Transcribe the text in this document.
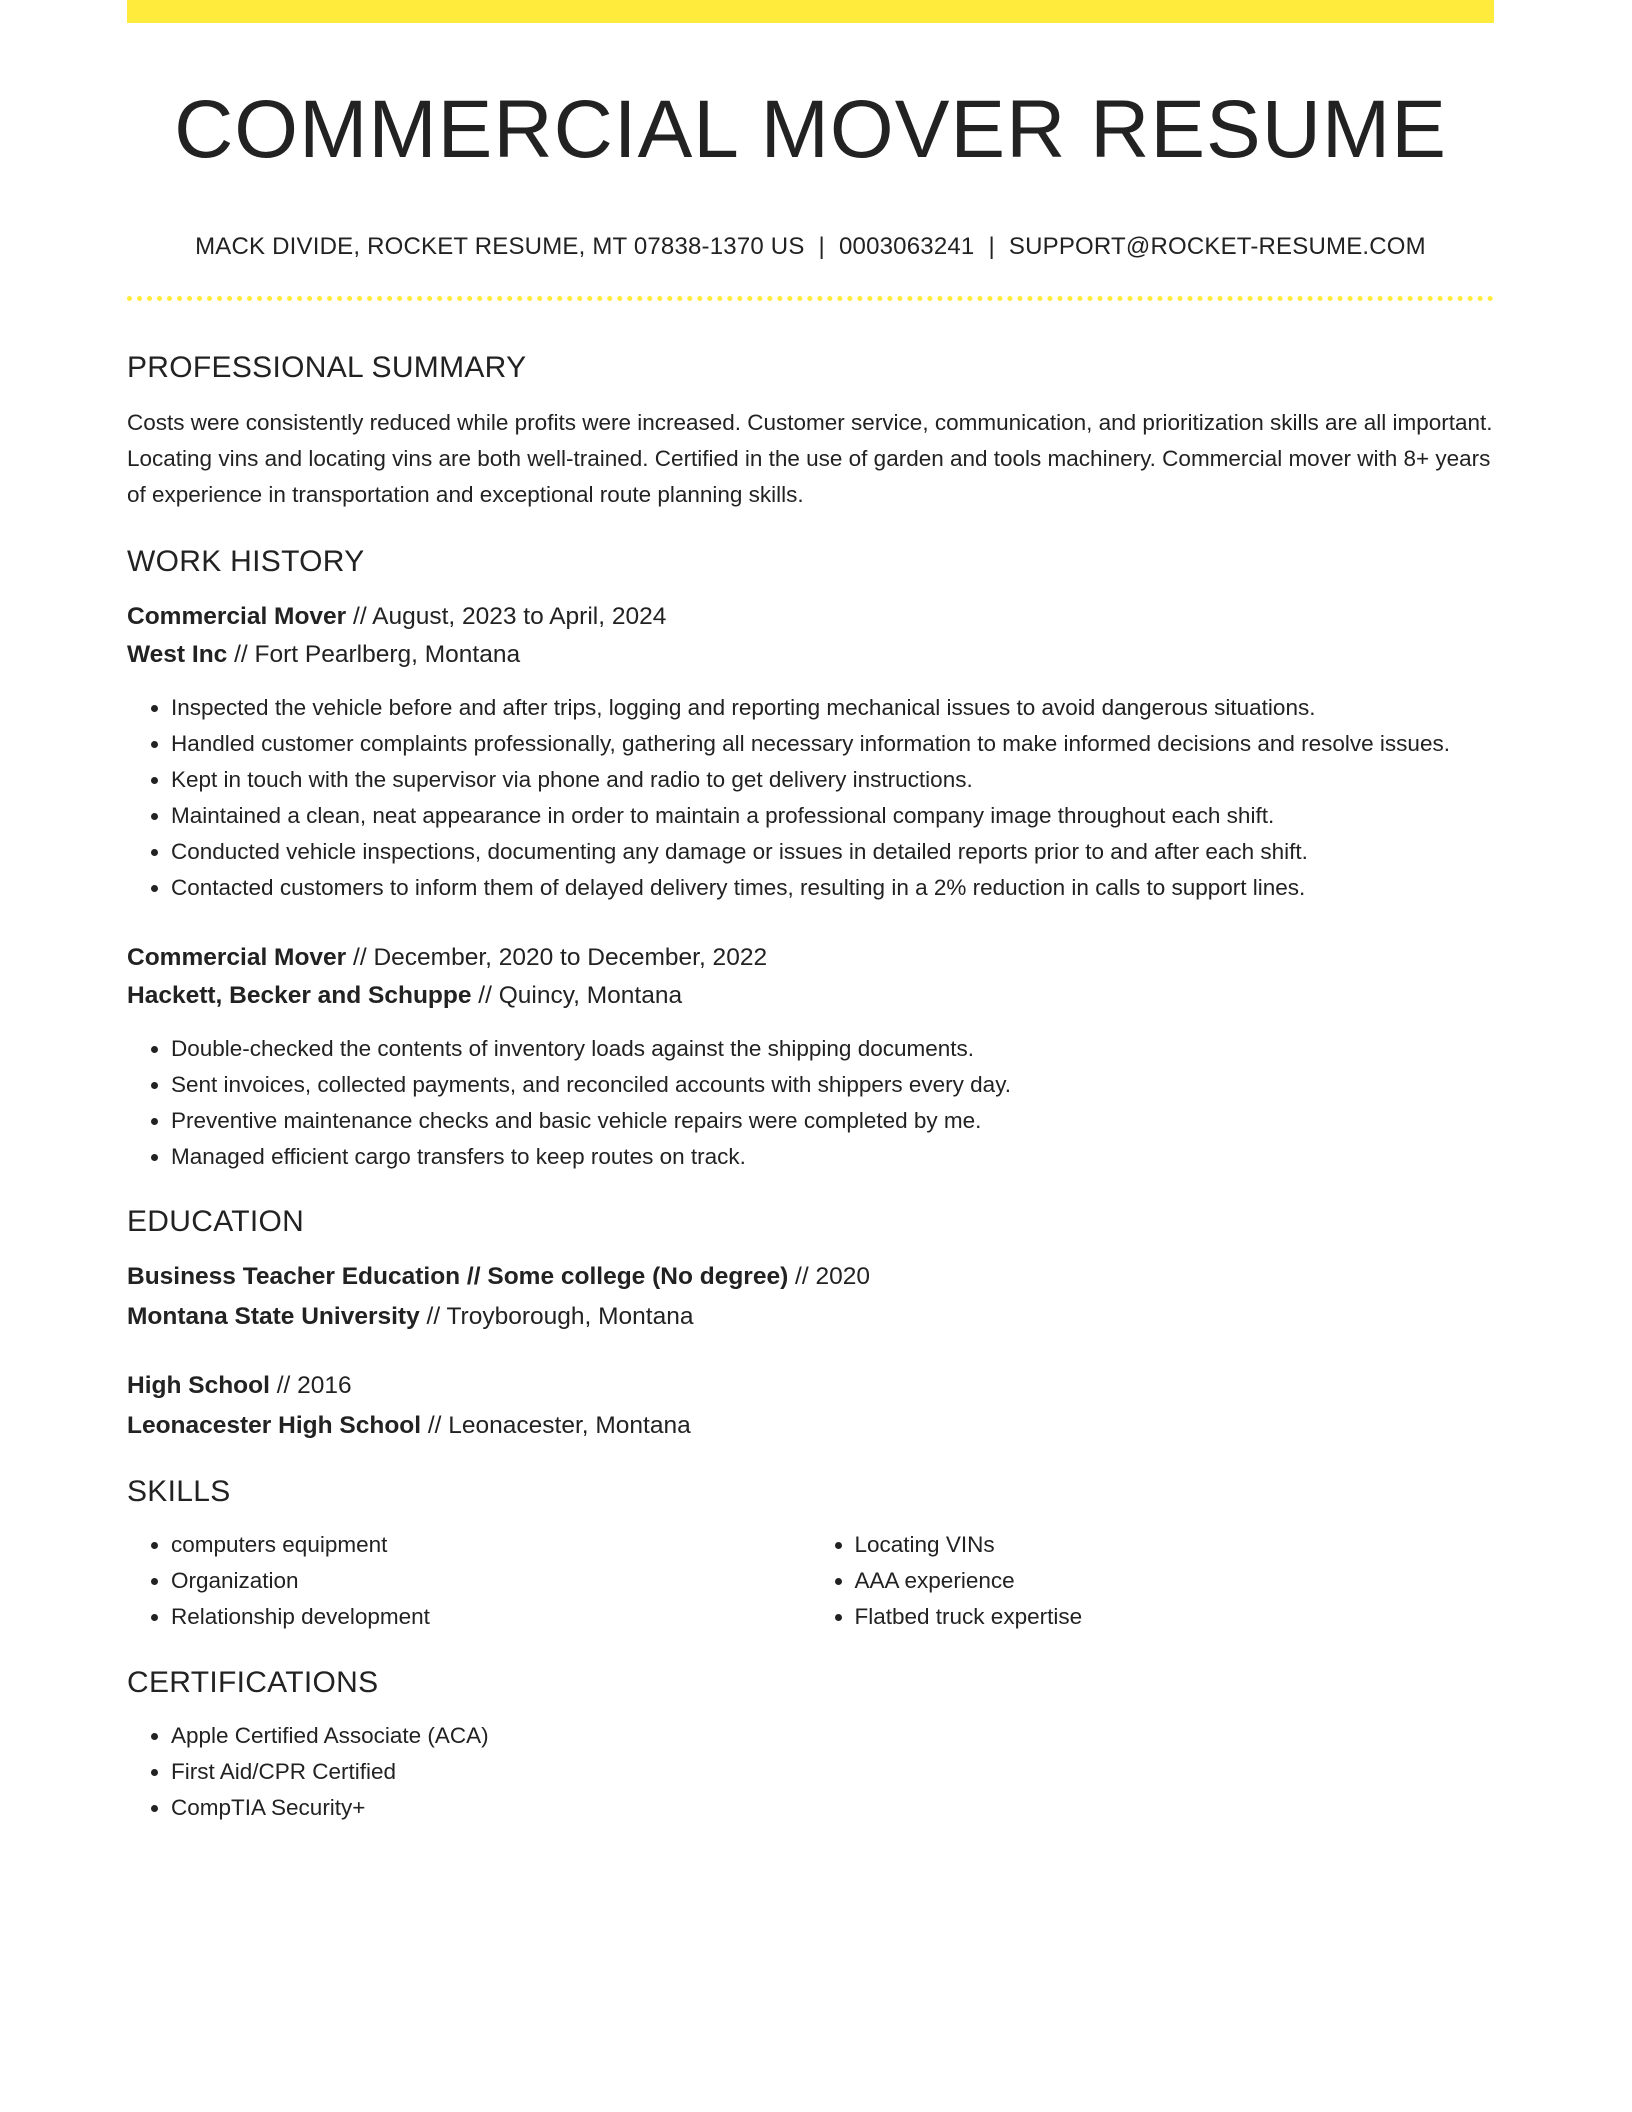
COMMERCIAL MOVER RESUME
MACK DIVIDE, ROCKET RESUME, MT 07838-1370 US | 0003063241 | SUPPORT@ROCKET-RESUME.COM
PROFESSIONAL SUMMARY

Costs were consistently reduced while profits were increased. Customer service, communication, and prioritization skills are all important. Locating vins and locating vins are both well-trained. Certified in the use of garden and tools machinery. Commercial mover with 8+ years of experience in transportation and exceptional route planning skills.

WORK HISTORY
Commercial Mover // August, 2023 to April, 2024
West Inc // Fort Pearlberg, Montana
• Inspected the vehicle before and after trips, logging and reporting mechanical issues to avoid dangerous situations.
• Handled customer complaints professionally, gathering all necessary information to make informed decisions and resolve issues.
• Kept in touch with the supervisor via phone and radio to get delivery instructions.
• Maintained a clean, neat appearance in order to maintain a professional company image throughout each shift.
• Conducted vehicle inspections, documenting any damage or issues in detailed reports prior to and after each shift.
• Contacted customers to inform them of delayed delivery times, resulting in a 2% reduction in calls to support lines.
Commercial Mover // December, 2020 to December, 2022
Hackett, Becker and Schuppe // Quincy, Montana
• Double-checked the contents of inventory loads against the shipping documents.
• Sent invoices, collected payments, and reconciled accounts with shippers every day.
• Preventive maintenance checks and basic vehicle repairs were completed by me.
• Managed efficient cargo transfers to keep routes on track.
EDUCATION
Business Teacher Education // Some college (No degree) // 2020
Montana State University // Troyborough, Montana
High School // 2016
Leonacester High School // Leonacester, Montana
SKILLS
• computers equipment
• Organization
• Relationship development
• Locating VINs
• AAA experience
• Flatbed truck expertise
CERTIFICATIONS
• Apple Certified Associate (ACA)
• First Aid/CPR Certified
• CompTIA Security+
